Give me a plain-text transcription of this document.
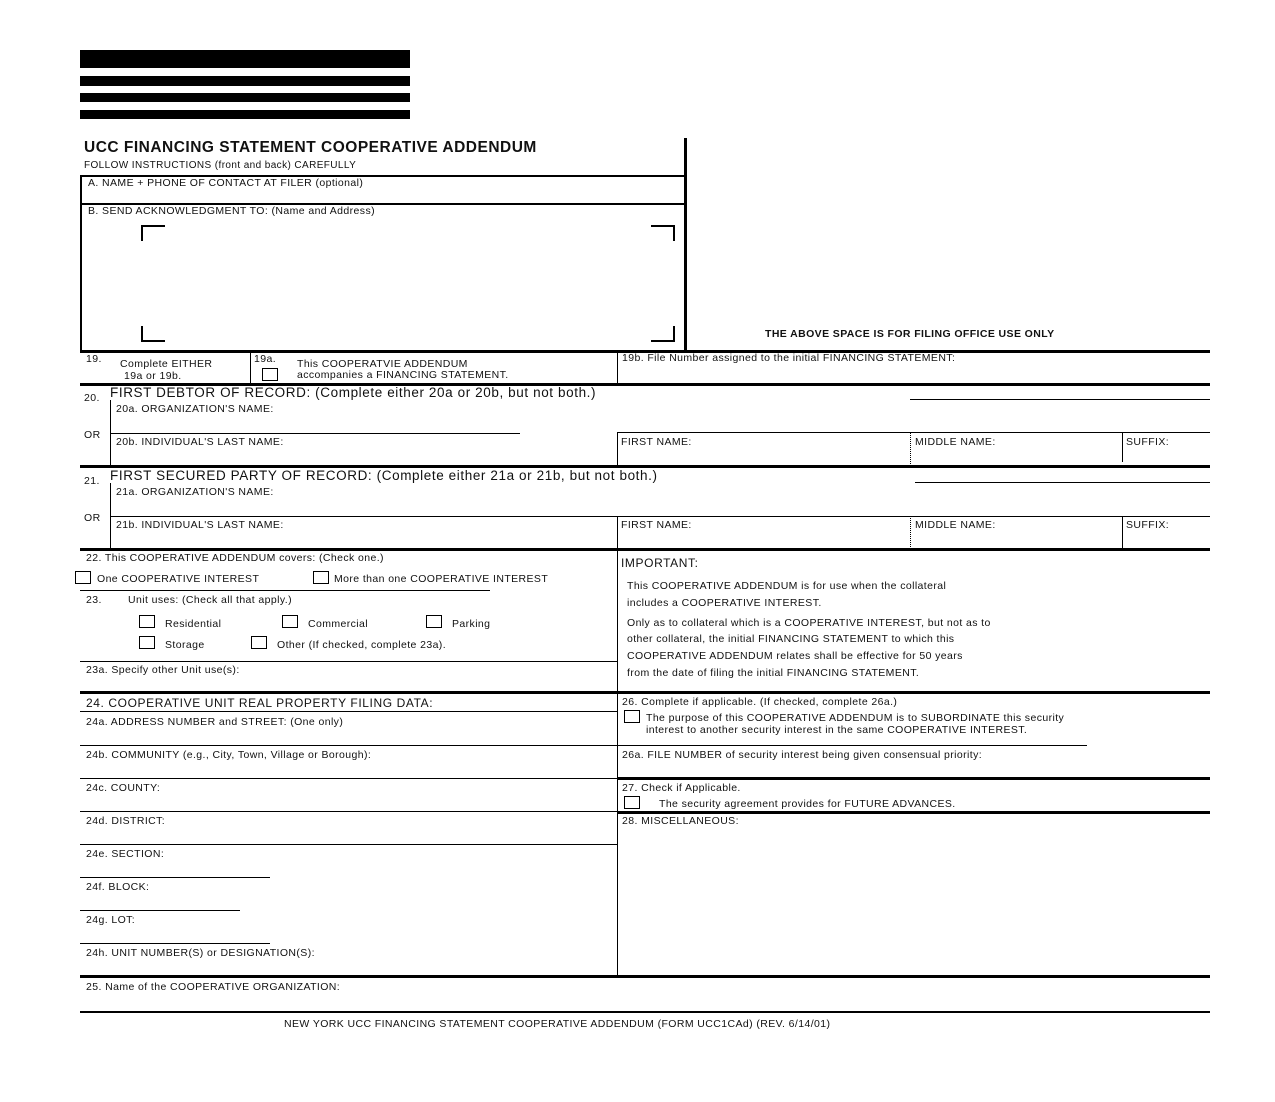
UCC FINANCING STATEMENT COOPERATIVE ADDENDUM
FOLLOW INSTRUCTIONS (front and back) CAREFULLY
A. NAME + PHONE OF CONTACT AT FILER (optional)
B. SEND ACKNOWLEDGMENT TO: (Name and Address)
THE ABOVE SPACE IS FOR FILING OFFICE USE ONLY
19. Complete EITHER
19a or 19b.
19a. This COOPERATVIE ADDENDUM
accompanies a FINANCING STATEMENT.
19b. File Number assigned to the initial FINANCING STATEMENT:
20. FIRST DEBTOR OF RECORD: (Complete either 20a or 20b, but not both.)
20a. ORGANIZATION'S NAME:
OR
20b. INDIVIDUAL'S LAST NAME:	FIRST NAME:	MIDDLE NAME:	SUFFIX:
21. FIRST SECURED PARTY OF RECORD: (Complete either 21a or 21b, but not both.)
21a. ORGANIZATION'S NAME:
OR
21b. INDIVIDUAL'S LAST NAME:	FIRST NAME:	MIDDLE NAME:	SUFFIX:
22. This COOPERATIVE ADDENDUM covers: (Check one.)
One COOPERATIVE INTEREST	More than one COOPERATIVE INTEREST
23. Unit uses: (Check all that apply.)
Residential	Commercial	Parking
Storage	Other (If checked, complete 23a).
23a. Specify other Unit use(s):
IMPORTANT:
This COOPERATIVE ADDENDUM is for use when the collateral
includes a COOPERATIVE INTEREST.
Only as to collateral which is a COOPERATIVE INTEREST, but not as to
other collateral, the initial FINANCING STATEMENT to which this
COOPERATIVE ADDENDUM relates shall be effective for 50 years
from the date of filing the initial FINANCING STATEMENT.
24. COOPERATIVE UNIT REAL PROPERTY FILING DATA:
24a. ADDRESS NUMBER and STREET: (One only)
24b. COMMUNITY (e.g., City, Town, Village or Borough):
24c. COUNTY:
24d. DISTRICT:
24e. SECTION:
24f. BLOCK:
24g. LOT:
24h. UNIT NUMBER(S) or DESIGNATION(S):
26. Complete if applicable. (If checked, complete 26a.)
The purpose of this COOPERATIVE ADDENDUM is to SUBORDINATE this security
interest to another security interest in the same COOPERATIVE INTEREST.
26a. FILE NUMBER of security interest being given consensual priority:
27. Check if Applicable.
The security agreement provides for FUTURE ADVANCES.
28. MISCELLANEOUS:
25. Name of the COOPERATIVE ORGANIZATION:
NEW YORK UCC FINANCING STATEMENT COOPERATIVE ADDENDUM (FORM UCC1CAd) (REV. 6/14/01)
